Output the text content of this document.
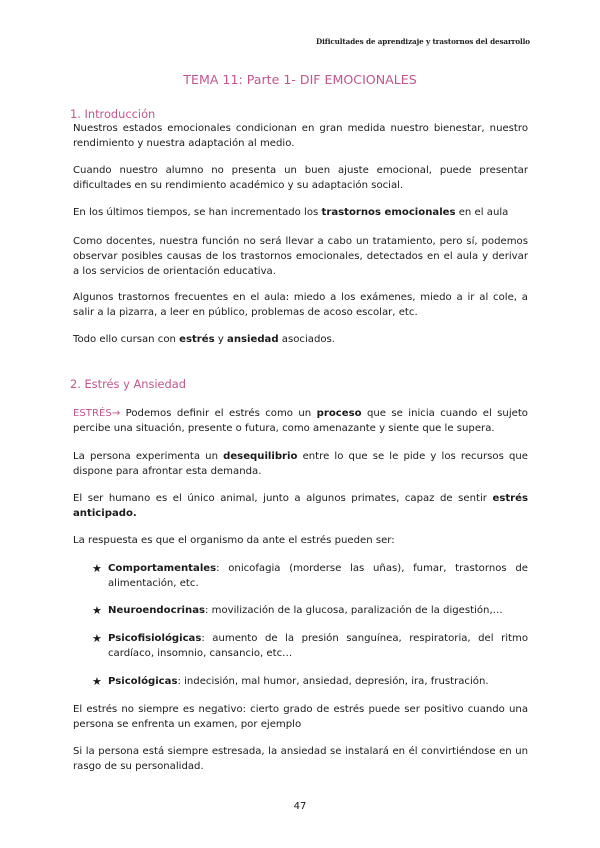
Dificultades de aprendizaje y trastornos del desarrollo
TEMA 11: Parte 1- DIF EMOCIONALES
1. Introducción

Nuestros estados emocionales condicionan en gran medida nuestro bienestar, nuestro rendimiento y nuestra adaptación al medio.

Cuando nuestro alumno no presenta un buen ajuste emocional, puede presentar dificultades en su rendimiento académico y su adaptación social.

En los últimos tiempos, se han incrementado los trastornos emocionales en el aula

Como docentes, nuestra función no será llevar a cabo un tratamiento, pero sí, podemos observar posibles causas de los trastornos emocionales, detectados en el aula y derivar a los servicios de orientación educativa.

Algunos trastornos frecuentes en el aula: miedo a los exámenes, miedo a ir al cole, a salir a la pizarra, a leer en público, problemas de acoso escolar, etc.

Todo ello cursan con estrés y ansiedad asociados.

2. Estrés y Ansiedad

ESTRÉS→ Podemos definir el estrés como un proceso que se inicia cuando el sujeto percibe una situación, presente o futura, como amenazante y siente que le supera.

La persona experimenta un desequilibrio entre lo que se le pide y los recursos que dispone para afrontar esta demanda.

El ser humano es el único animal, junto a algunos primates, capaz de sentir estrés anticipado.

La respuesta es que el organismo da ante el estrés pueden ser:

★ Comportamentales: onicofagia (morderse las uñas), fumar, trastornos de alimentación, etc.
★ Neuroendocrinas: movilización de la glucosa, paralización de la digestión,…
★ Psicofisiológicas: aumento de la presión sanguínea, respiratoria, del ritmo cardíaco, insomnio, cansancio, etc…
★ Psicológicas: indecisión, mal humor, ansiedad, depresión, ira, frustración.

El estrés no siempre es negativo: cierto grado de estrés puede ser positivo cuando una persona se enfrenta un examen, por ejemplo

Si la persona está siempre estresada, la ansiedad se instalará en él convirtiéndose en un rasgo de su personalidad.

47
